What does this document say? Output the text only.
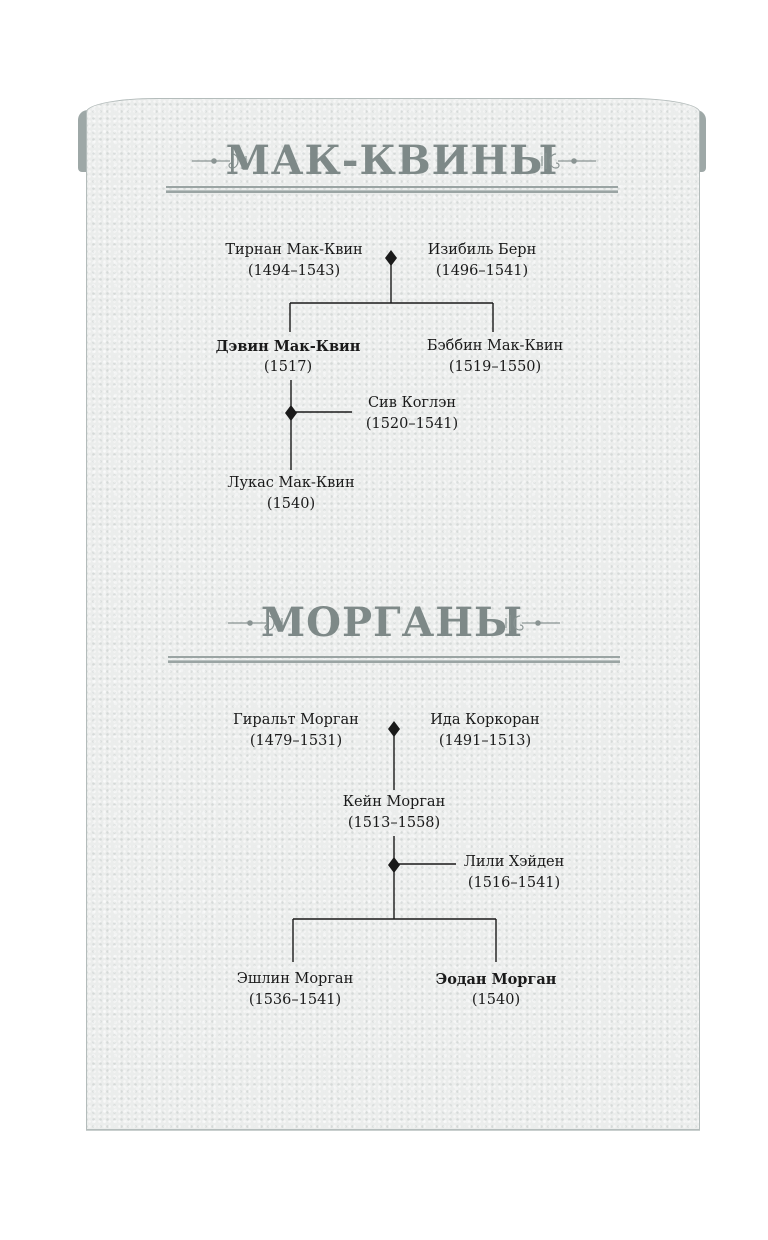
МАК-КВИНЫ
МОРГАНЫ
Тирнан Мак-Квин
(1494–1543)
Изибиль Берн
(1496–1541)
Дэвин Мак-Квин
(1517)
Бэббин Мак-Квин
(1519–1550)
Сив Коглэн
(1520–1541)
Лукас Мак-Квин
(1540)
Гиральт Морган
(1479–1531)
Ида Коркоран
(1491–1513)
Кейн Морган
(1513–1558)
Лили Хэйден
(1516–1541)
Эшлин Морган
(1536–1541)
Эодан Морган
(1540)
